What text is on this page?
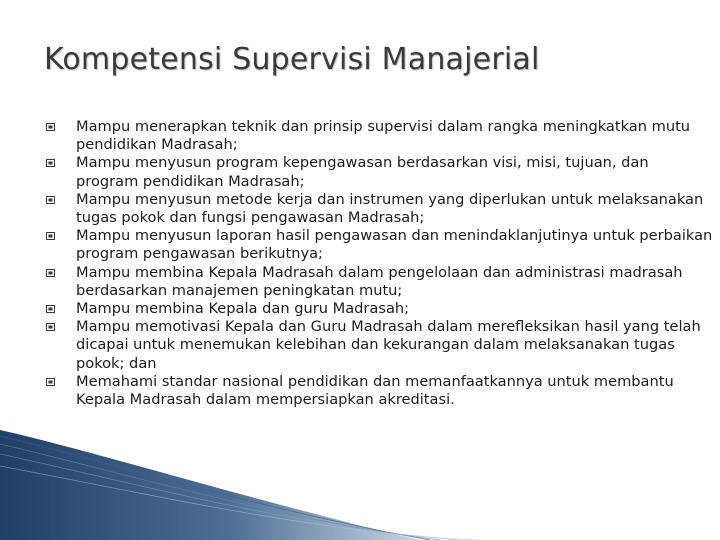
Kompetensi Supervisi Manajerial
Mampu menerapkan teknik dan prinsip supervisi dalam rangka meningkatkan mutu pendidikan Madrasah;
Mampu menyusun program kepengawasan berdasarkan visi, misi, tujuan, dan program pendidikan Madrasah;
Mampu menyusun metode kerja dan instrumen yang diperlukan untuk melaksanakan tugas pokok dan fungsi pengawasan Madrasah;
Mampu menyusun laporan hasil pengawasan dan menindaklanjutinya untuk perbaikan program pengawasan berikutnya;
Mampu membina Kepala Madrasah dalam pengelolaan dan administrasi madrasah berdasarkan manajemen peningkatan mutu;
Mampu membina Kepala dan guru Madrasah;
Mampu memotivasi Kepala dan Guru Madrasah dalam merefleksikan hasil yang telah dicapai untuk menemukan kelebihan dan kekurangan dalam melaksanakan tugas pokok; dan
Memahami standar nasional pendidikan dan memanfaatkannya untuk membantu Kepala Madrasah dalam mempersiapkan akreditasi.
